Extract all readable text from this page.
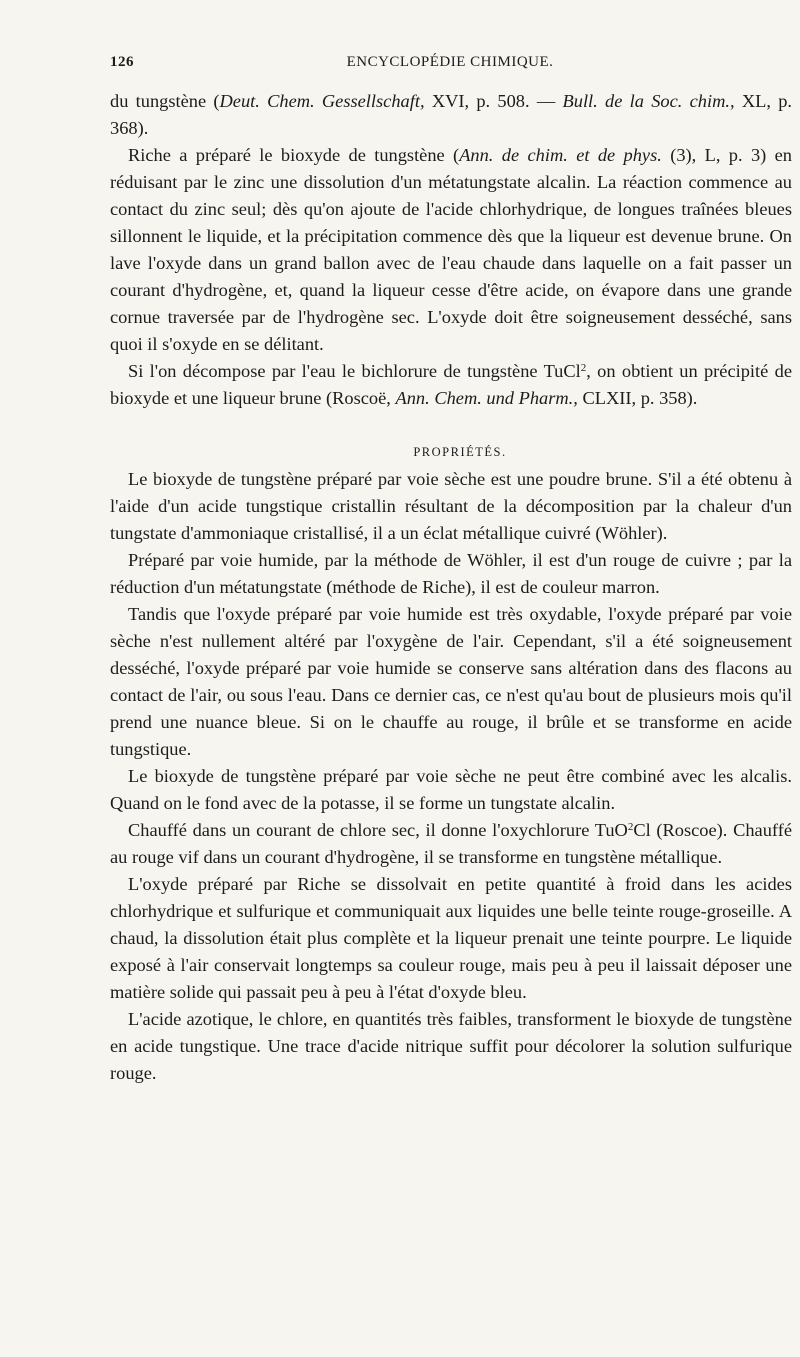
126	ENCYCLOPÉDIE CHIMIQUE.

du tungstène (Deut. Chem. Gessellschaft, XVI, p. 508. — Bull. de la Soc. chim., XL, p. 368).

Riche a préparé le bioxyde de tungstène (Ann. de chim. et de phys. (3), L, p. 3) en réduisant par le zinc une dissolution d'un métatungstate alcalin. La réaction commence au contact du zinc seul; dès qu'on ajoute de l'acide chlorhydrique, de longues traînées bleues sillonnent le liquide, et la précipitation commence dès que la liqueur est devenue brune. On lave l'oxyde dans un grand ballon avec de l'eau chaude dans laquelle on a fait passer un courant d'hydrogène, et, quand la liqueur cesse d'être acide, on évapore dans une grande cornue traversée par de l'hydrogène sec. L'oxyde doit être soigneusement desséché, sans quoi il s'oxyde en se délitant.

Si l'on décompose par l'eau le bichlorure de tungstène TuCl$^2$, on obtient un précipité de bioxyde et une liqueur brune (Roscoë, Ann. Chem. und Pharm., CLXII, p. 358).

PROPRIÉTÉS.

Le bioxyde de tungstène préparé par voie sèche est une poudre brune. S'il a été obtenu à l'aide d'un acide tungstique cristallin résultant de la décomposition par la chaleur d'un tungstate d'ammoniaque cristallisé, il a un éclat métallique cuivré (Wöhler).

Préparé par voie humide, par la méthode de Wöhler, il est d'un rouge de cuivre ; par la réduction d'un métatungstate (méthode de Riche), il est de couleur marron.

Tandis que l'oxyde préparé par voie humide est très oxydable, l'oxyde préparé par voie sèche n'est nullement altéré par l'oxygène de l'air. Cependant, s'il a été soigneusement desséché, l'oxyde préparé par voie humide se conserve sans altération dans des flacons au contact de l'air, ou sous l'eau. Dans ce dernier cas, ce n'est qu'au bout de plusieurs mois qu'il prend une nuance bleue. Si on le chauffe au rouge, il brûle et se transforme en acide tungstique.

Le bioxyde de tungstène préparé par voie sèche ne peut être combiné avec les alcalis. Quand on le fond avec de la potasse, il se forme un tungstate alcalin.

Chauffé dans un courant de chlore sec, il donne l'oxychlorure TuO$^2$Cl (Roscoe). Chauffé au rouge vif dans un courant d'hydrogène, il se transforme en tungstène métallique.

L'oxyde préparé par Riche se dissolvait en petite quantité à froid dans les acides chlorhydrique et sulfurique et communiquait aux liquides une belle teinte rouge-groseille. A chaud, la dissolution était plus complète et la liqueur prenait une teinte pourpre. Le liquide exposé à l'air conservait longtemps sa couleur rouge, mais peu à peu il laissait déposer une matière solide qui passait peu à peu à l'état d'oxyde bleu.

L'acide azotique, le chlore, en quantités très faibles, transforment le bioxyde de tungstène en acide tungstique. Une trace d'acide nitrique suffit pour décolorer la solution sulfurique rouge.
